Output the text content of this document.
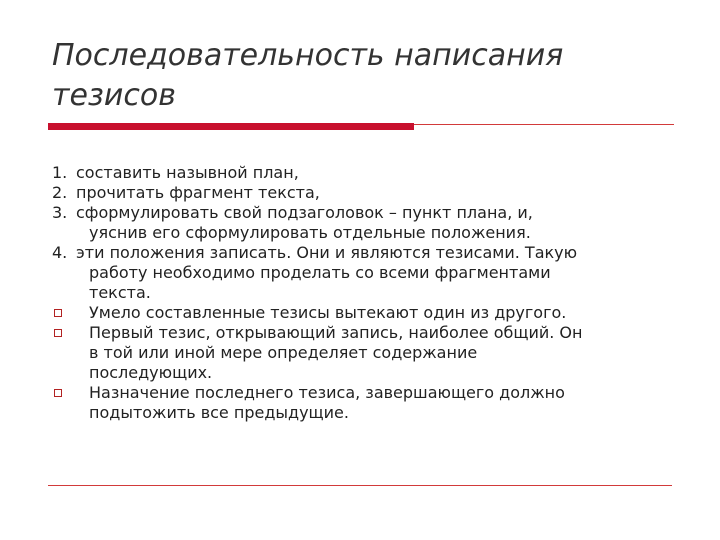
Последовательность написания тезисов
1. составить назывной план,
2. прочитать фрагмент текста,
3. сформулировать свой подзаголовок – пункт плана, и,
уяснив его сформулировать отдельные положения.
4. эти положения записать. Они и являются тезисами. Такую
работу необходимо проделать со всеми фрагментами
текста.
Умело составленные тезисы вытекают один из другого.
Первый тезис, открывающий запись, наиболее общий. Он
в той или иной мере определяет содержание
последующих.
Назначение последнего тезиса, завершающего должно
подытожить все предыдущие.
